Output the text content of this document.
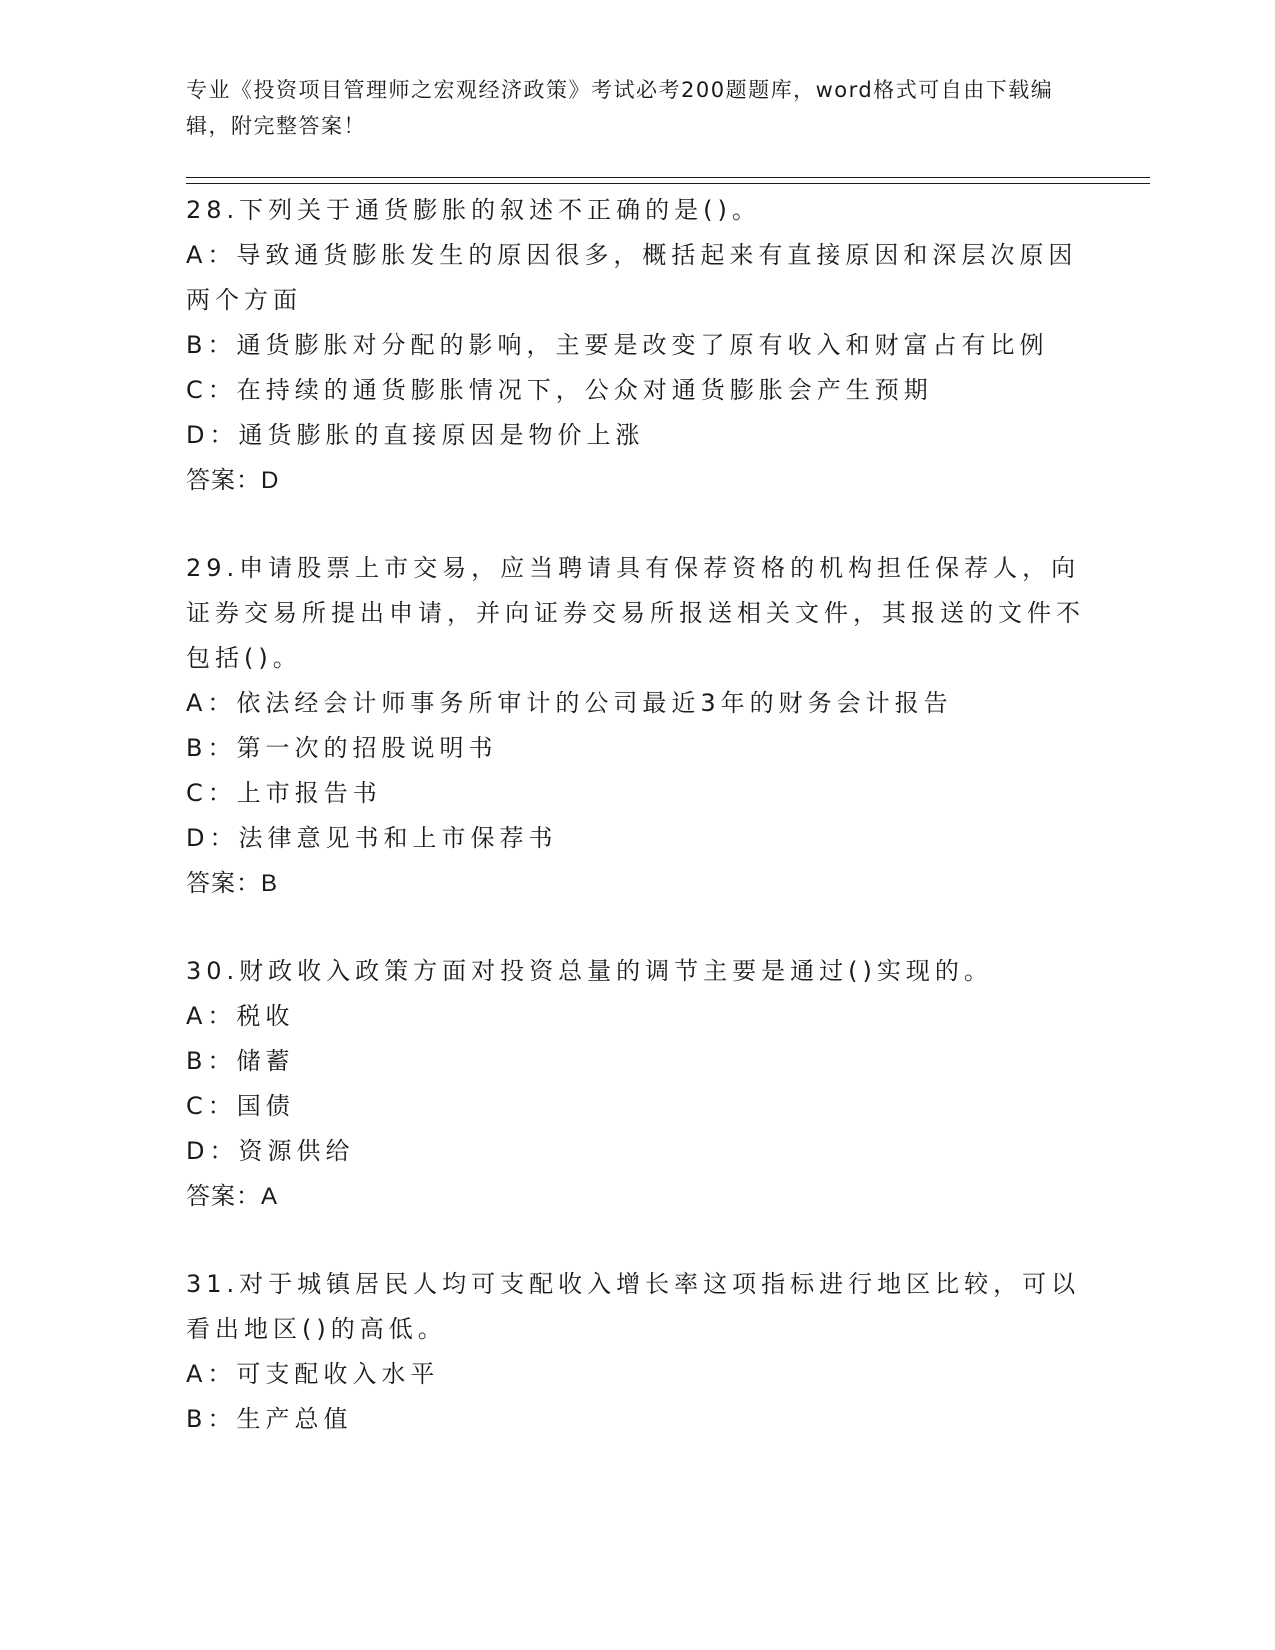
专业《投资项目管理师之宏观经济政策》考试必考200题题库，word格式可自由下载编辑，附完整答案！
28.下列关于通货膨胀的叙述不正确的是()。
A：导致通货膨胀发生的原因很多，概括起来有直接原因和深层次原因两个方面
B：通货膨胀对分配的影响，主要是改变了原有收入和财富占有比例
C：在持续的通货膨胀情况下，公众对通货膨胀会产生预期
D：通货膨胀的直接原因是物价上涨
答案：D
29.申请股票上市交易，应当聘请具有保荐资格的机构担任保荐人，向证券交易所提出申请，并向证券交易所报送相关文件，其报送的文件不包括()。
A：依法经会计师事务所审计的公司最近3年的财务会计报告
B：第一次的招股说明书
C：上市报告书
D：法律意见书和上市保荐书
答案：B
30.财政收入政策方面对投资总量的调节主要是通过()实现的。
A：税收
B：储蓄
C：国债
D：资源供给
答案：A
31.对于城镇居民人均可支配收入增长率这项指标进行地区比较，可以看出地区()的高低。
A：可支配收入水平
B：生产总值
